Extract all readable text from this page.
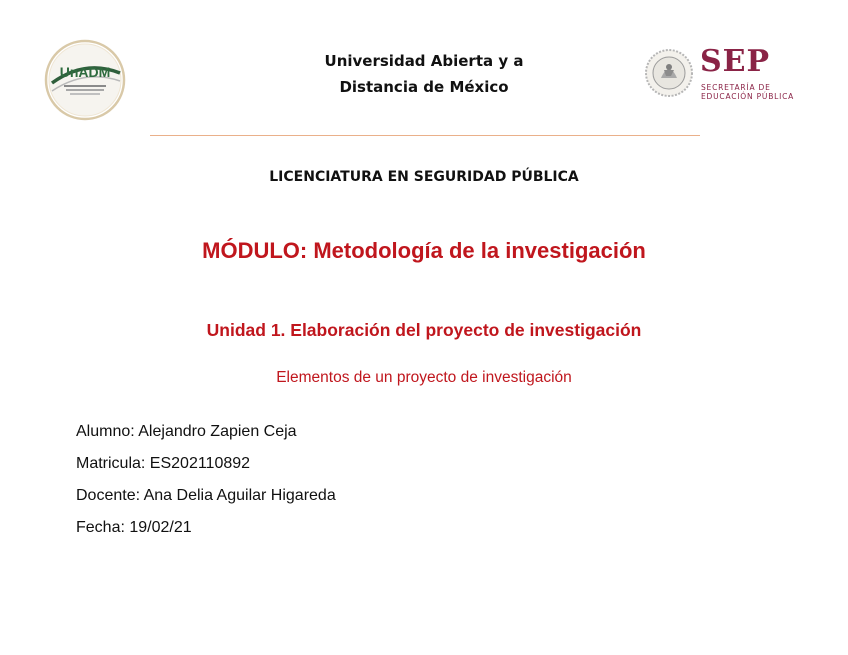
UnADM
Universidad Abierta y a
Distancia de México
SEP
SECRETARÍA DE
EDUCACIÓN PÚBLICA
LICENCIATURA EN SEGURIDAD PÚBLICA
MÓDULO: Metodología de la investigación
Unidad 1. Elaboración del proyecto de investigación
Elementos de un proyecto de investigación
Alumno: Alejandro Zapien Ceja
Matricula: ES202110892
Docente: Ana Delia Aguilar Higareda
Fecha: 19/02/21
